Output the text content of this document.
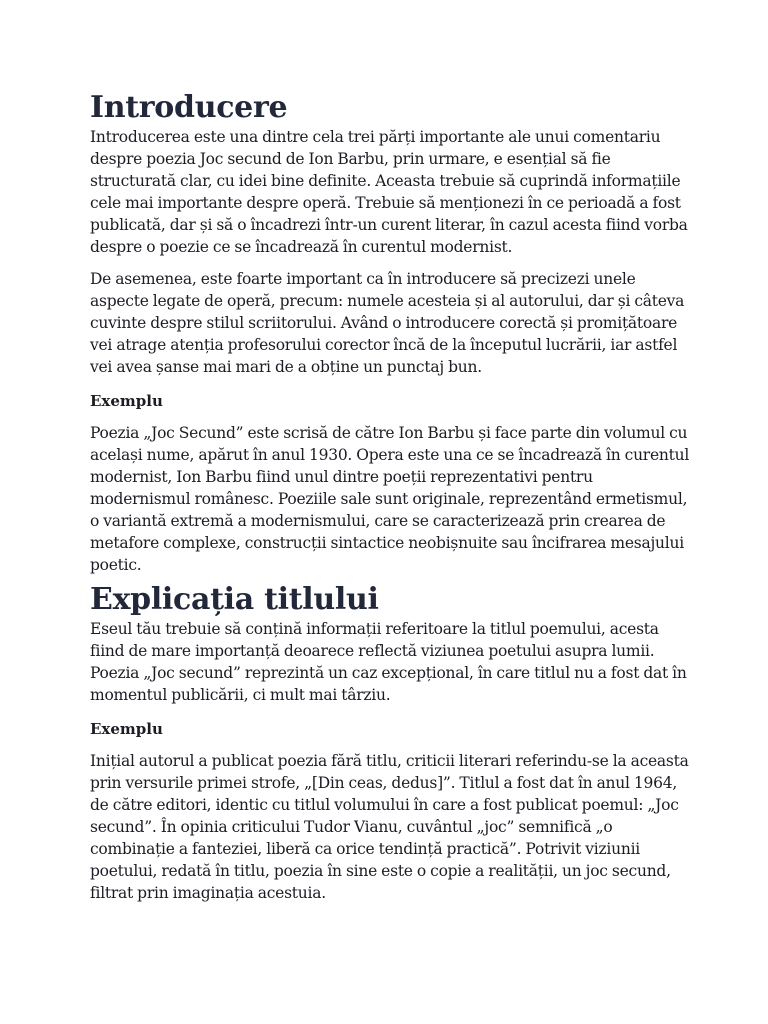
Introducere

Introducerea este una dintre cela trei părți importante ale unui comentariu despre poezia Joc secund de Ion Barbu, prin urmare, e esențial să fie structurată clar, cu idei bine definite. Aceasta trebuie să cuprindă informațiile cele mai importante despre operă. Trebuie să menționezi în ce perioadă a fost publicată, dar și să o încadrezi într-un curent literar, în cazul acesta fiind vorba despre o poezie ce se încadrează în curentul modernist.

De asemenea, este foarte important ca în introducere să precizezi unele aspecte legate de operă, precum: numele acesteia și al autorului, dar și câteva cuvinte despre stilul scriitorului. Având o introducere corectă și promițătoare vei atrage atenția profesorului corector încă de la începutul lucrării, iar astfel vei avea șanse mai mari de a obține un punctaj bun.

Exemplu

Poezia „Joc Secund” este scrisă de către Ion Barbu și face parte din volumul cu același nume, apărut în anul 1930. Opera este una ce se încadrează în curentul modernist, Ion Barbu fiind unul dintre poeții reprezentativi pentru modernismul românesc. Poeziile sale sunt originale, reprezentând ermetismul, o variantă extremă a modernismului, care se caracterizează prin crearea de metafore complexe, construcții sintactice neobișnuite sau încifrarea mesajului poetic.

Explicația titlului

Eseul tău trebuie să conțină informații referitoare la titlul poemului, acesta fiind de mare importanță deoarece reflectă viziunea poetului asupra lumii. Poezia „Joc secund” reprezintă un caz excepțional, în care titlul nu a fost dat în momentul publicării, ci mult mai târziu.

Exemplu

Inițial autorul a publicat poezia fără titlu, criticii literari referindu-se la aceasta prin versurile primei strofe, „[Din ceas, dedus]”. Titlul a fost dat în anul 1964, de către editori, identic cu titlul volumului în care a fost publicat poemul: „Joc secund”. În opinia criticului Tudor Vianu, cuvântul „joc” semnifică „o combinație a fanteziei, liberă ca orice tendință practică”. Potrivit viziunii poetului, redată în titlu, poezia în sine este o copie a realității, un joc secund, filtrat prin imaginația acestuia.
